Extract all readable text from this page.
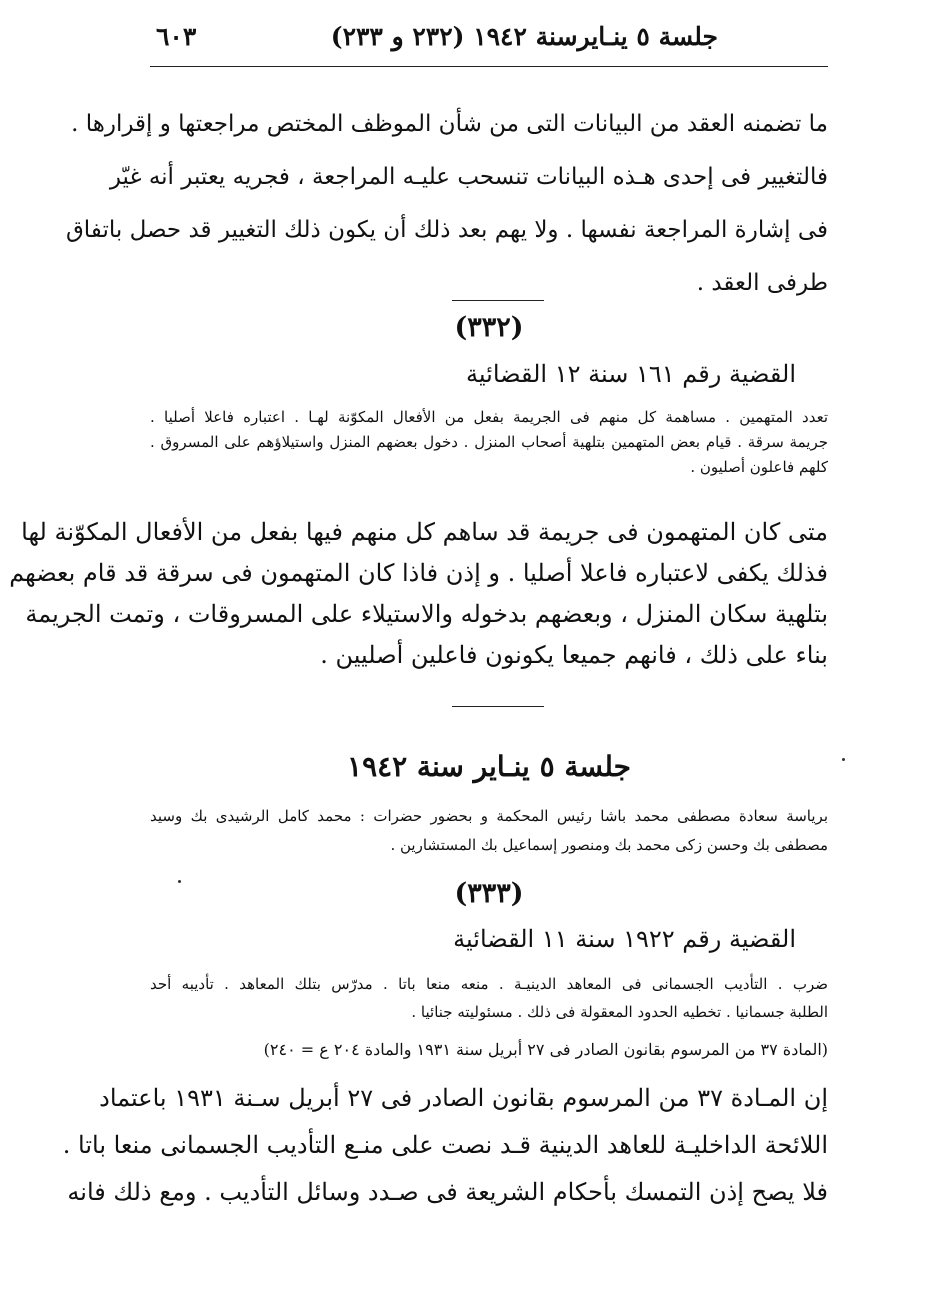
جلسة ٥ ينـايرسنة ١٩٤٢ (٢٣٢ و ٢٣٣)
٦٠٣

ما تضمنه العقد من البيانات التى من شأن الموظف المختص مراجعتها و إقرارها .

فالتغيير فى إحدى هـذه البيانات تنسحب عليـه المراجعة ، فجريه يعتبر أنه غيّر

فى إشارة المراجعة نفسها . ولا يهم بعد ذلك أن يكون ذلك التغيير قد حصل باتفاق

طرفى العقد .

(٣٣٢)
القضية رقم ١٦١ سنة ١٢ القضائية

تعدد المتهمين . مساهمة كل منهم فى الجريمة بفعل من الأفعال المكوّنة لهـا . اعتباره فاعلا أصليا .

جريمة سرقة . قيام بعض المتهمين بتلهية أصحاب المنزل . دخول بعضهم المنزل واستيلاؤهم على المسروق .

كلهم فاعلون أصليون .

متى كان المتهمون فى جريمة قد ساهم كل منهم فيها بفعل من الأفعال المكوّنة لها

فذلك يكفى لاعتباره فاعلا أصليا . و إذن فاذا كان المتهمون فى سرقة قد قام بعضهم

بتلهية سكان المنزل ، وبعضهم بدخوله والاستيلاء على المسروقات ، وتمت الجريمة

بناء على ذلك ، فانهم جميعا يكونون فاعلين أصليين .

جلسة ٥ ينـاير سنة ١٩٤٢

برياسة سعادة مصطفى محمد باشا رئيس المحكمة و بحضور حضرات : محمد كامل الرشيدى بك وسيد

مصطفى بك وحسن زكى محمد بك ومنصور إسماعيل بك المستشارين .

(٣٣٣)
القضية رقم ١٩٢٢ سنة ١١ القضائية

ضرب . التأديب الجسمانى فى المعاهد الدينيـة . منعه منعا باتا . مدرّس بتلك المعاهد . تأديبه أحد

الطلبة جسمانيا . تخطيه الحدود المعقولة فى ذلك . مسئوليته جنائيا .

(المادة ٣٧ من المرسوم بقانون الصادر فى ٢٧ أبريل سنة ١٩٣١ والمادة ٢٠٤ ع = ٢٤٠)

إن المـادة ٣٧ من المرسوم بقانون الصادر فى ٢٧ أبريل سـنة ١٩٣١ باعتماد

اللائحة الداخليـة للعاهد الدينية قـد نصت على منـع التأديب الجسمانى منعا باتا .

فلا يصح إذن التمسك بأحكام الشريعة فى صـدد وسائل التأديب . ومع ذلك فانه
